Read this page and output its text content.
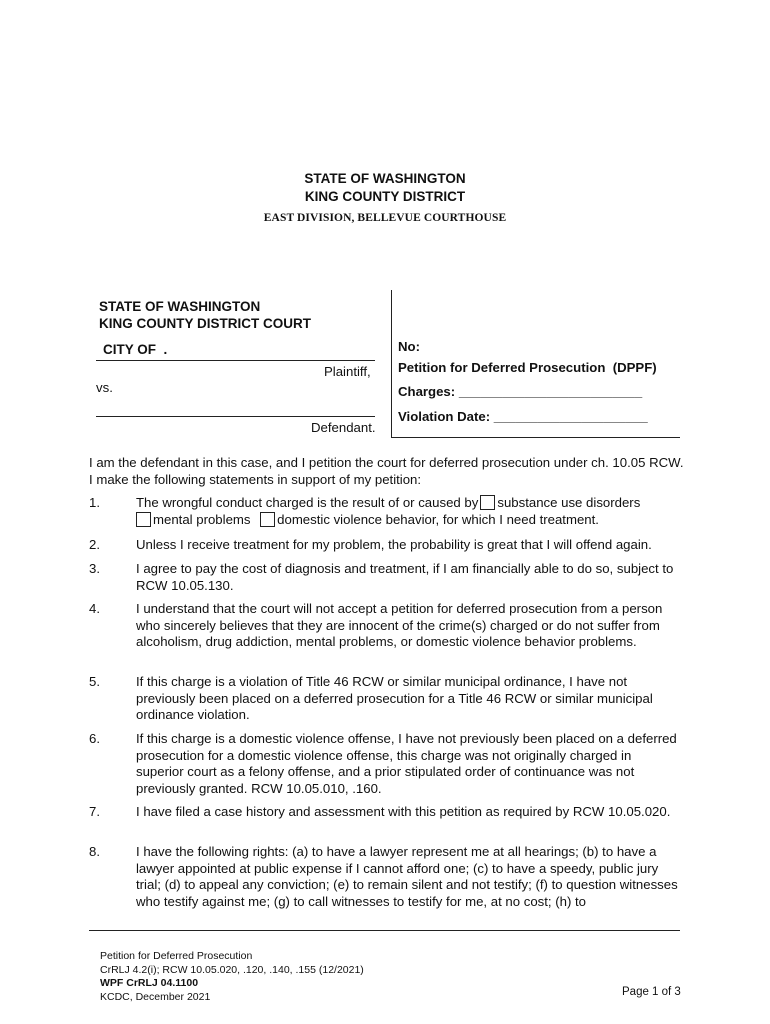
STATE OF WASHINGTON
KING COUNTY DISTRICT
EAST DIVISION, BELLEVUE COURTHOUSE
STATE OF WASHINGTON
KING COUNTY DISTRICT COURT
CITY OF .
Plaintiff,
vs.
Defendant.
No:
Petition for Deferred Prosecution (DPPF)
Charges: _________________________
Violation Date: _____________________
I am the defendant in this case, and I petition the court for deferred prosecution under ch. 10.05 RCW. I make the following statements in support of my petition:
1.	The wrongful conduct charged is the result of or caused by substance use disorders
mental problems domestic violence behavior, for which I need treatment.
2.	Unless I receive treatment for my problem, the probability is great that I will offend again.
3.	I agree to pay the cost of diagnosis and treatment, if I am financially able to do so, subject to RCW 10.05.130.
4.	I understand that the court will not accept a petition for deferred prosecution from a person who sincerely believes that they are innocent of the crime(s) charged or do not suffer from alcoholism, drug addiction, mental problems, or domestic violence behavior problems.
5.	If this charge is a violation of Title 46 RCW or similar municipal ordinance, I have not previously been placed on a deferred prosecution for a Title 46 RCW or similar municipal ordinance violation.
6.	If this charge is a domestic violence offense, I have not previously been placed on a deferred prosecution for a domestic violence offense, this charge was not originally charged in superior court as a felony offense, and a prior stipulated order of continuance was not previously granted. RCW 10.05.010, .160.
7.	I have filed a case history and assessment with this petition as required by RCW 10.05.020.
8.	I have the following rights: (a) to have a lawyer represent me at all hearings; (b) to have a lawyer appointed at public expense if I cannot afford one; (c) to have a speedy, public jury trial; (d) to appeal any conviction; (e) to remain silent and not testify; (f) to question witnesses who testify against me; (g) to call witnesses to testify for me, at no cost; (h) to
Petition for Deferred Prosecution
CrRLJ 4.2(i); RCW 10.05.020, .120, .140, .155 (12/2021)
WPF CrRLJ 04.1100
KCDC, December 2021	Page 1 of 3
